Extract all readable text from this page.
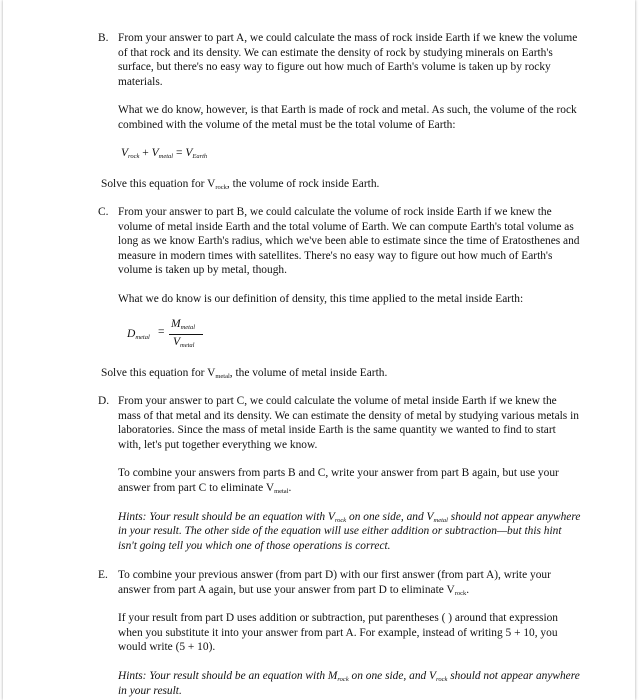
B. From your answer to part A, we could calculate the mass of rock inside Earth if we knew the volume of that rock and its density. We can estimate the density of rock by studying minerals on Earth's surface, but there's no easy way to figure out how much of Earth's volume is taken up by rocky materials.

What we do know, however, is that Earth is made of rock and metal. As such, the volume of the rock combined with the volume of the metal must be the total volume of Earth:

$V_{rock} + V_{metal} = V_{Earth}$

Solve this equation for $V_{rock}$, the volume of rock inside Earth.

C. From your answer to part B, we could calculate the volume of rock inside Earth if we knew the volume of metal inside Earth and the total volume of Earth. We can compute Earth's total volume as long as we know Earth's radius, which we've been able to estimate since the time of Eratosthenes and measure in modern times with satellites. There's no easy way to figure out how much of Earth's volume is taken up by metal, though.

What we do know is our definition of density, this time applied to the metal inside Earth:

$D_{metal}$ =
$M_{metal}$
$V_{metal}$

Solve this equation for $V_{metal}$, the volume of metal inside Earth.

D. From your answer to part C, we could calculate the volume of metal inside Earth if we knew the mass of that metal and its density. We can estimate the density of metal by studying various metals in laboratories. Since the mass of metal inside Earth is the same quantity we wanted to find to start with, let's put together everything we know.

To combine your answers from parts B and C, write your answer from part B again, but use your answer from part C to eliminate $V_{metal}$.

Hints: Your result should be an equation with $V_{rock}$ on one side, and $V_{metal}$ should not appear anywhere in your result. The other side of the equation will use either addition or subtraction—but this hint isn't going tell you which one of those operations is correct.

E. To combine your previous answer (from part D) with our first answer (from part A), write your answer from part A again, but use your answer from part D to eliminate $V_{rock}$.

If your result from part D uses addition or subtraction, put parentheses ( ) around that expression when you substitute it into your answer from part A. For example, instead of writing 5 + 10, you would write (5 + 10).

Hints: Your result should be an equation with $M_{rock}$ on one side, and $V_{rock}$ should not appear anywhere in your result.
